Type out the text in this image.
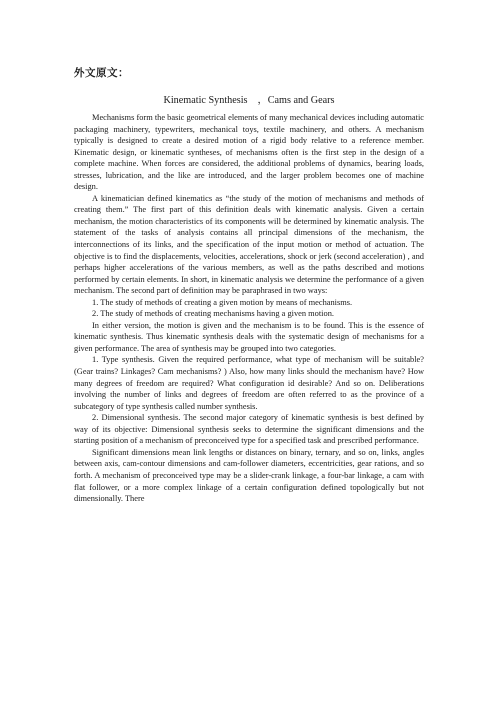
外文原文：
Kinematic Synthesis ，Cams and Gears

Mechanisms form the basic geometrical elements of many mechanical devices including automatic packaging machinery, typewriters, mechanical toys, textile machinery, and others. A mechanism typically is designed to create a desired motion of a rigid body relative to a reference member. Kinematic design, or kinematic syntheses, of mechanisms often is the first step in the design of a complete machine. When forces are considered, the additional problems of dynamics, bearing loads, stresses, lubrication, and the like are introduced, and the larger problem becomes one of machine design.

A kinematician defined kinematics as “the study of the motion of mechanisms and methods of creating them.” The first part of this definition deals with kinematic analysis. Given a certain mechanism, the motion characteristics of its components will be determined by kinematic analysis. The statement of the tasks of analysis contains all principal dimensions of the mechanism, the interconnections of its links, and the specification of the input motion or method of actuation. The objective is to find the displacements, velocities, accelerations, shock or jerk (second acceleration) , and perhaps higher accelerations of the various members, as well as the paths described and motions performed by certain elements. In short, in kinematic analysis we determine the performance of a given mechanism. The second part of definition may be paraphrased in two ways:

1. The study of methods of creating a given motion by means of mechanisms.

2. The study of methods of creating mechanisms having a given motion.

In either version, the motion is given and the mechanism is to be found. This is the essence of kinematic synthesis. Thus kinematic synthesis deals with the systematic design of mechanisms for a given performance. The area of synthesis may be grouped into two categories.

1. Type synthesis. Given the required performance, what type of mechanism will be suitable? (Gear trains? Linkages? Cam mechanisms? ) Also, how many links should the mechanism have? How many degrees of freedom are required? What configuration id desirable? And so on. Deliberations involving the number of links and degrees of freedom are often referred to as the province of a subcategory of type synthesis called number synthesis.

2. Dimensional synthesis. The second major category of kinematic synthesis is best defined by way of its objective: Dimensional synthesis seeks to determine the significant dimensions and the starting position of a mechanism of preconceived type for a specified task and prescribed performance.

Significant dimensions mean link lengths or distances on binary, ternary, and so on, links, angles between axis, cam-contour dimensions and cam-follower diameters, eccentricities, gear rations, and so forth. A mechanism of preconceived type may be a slider-crank linkage, a four-bar linkage, a cam with flat follower, or a more complex linkage of a certain configuration defined topologically but not dimensionally. There
